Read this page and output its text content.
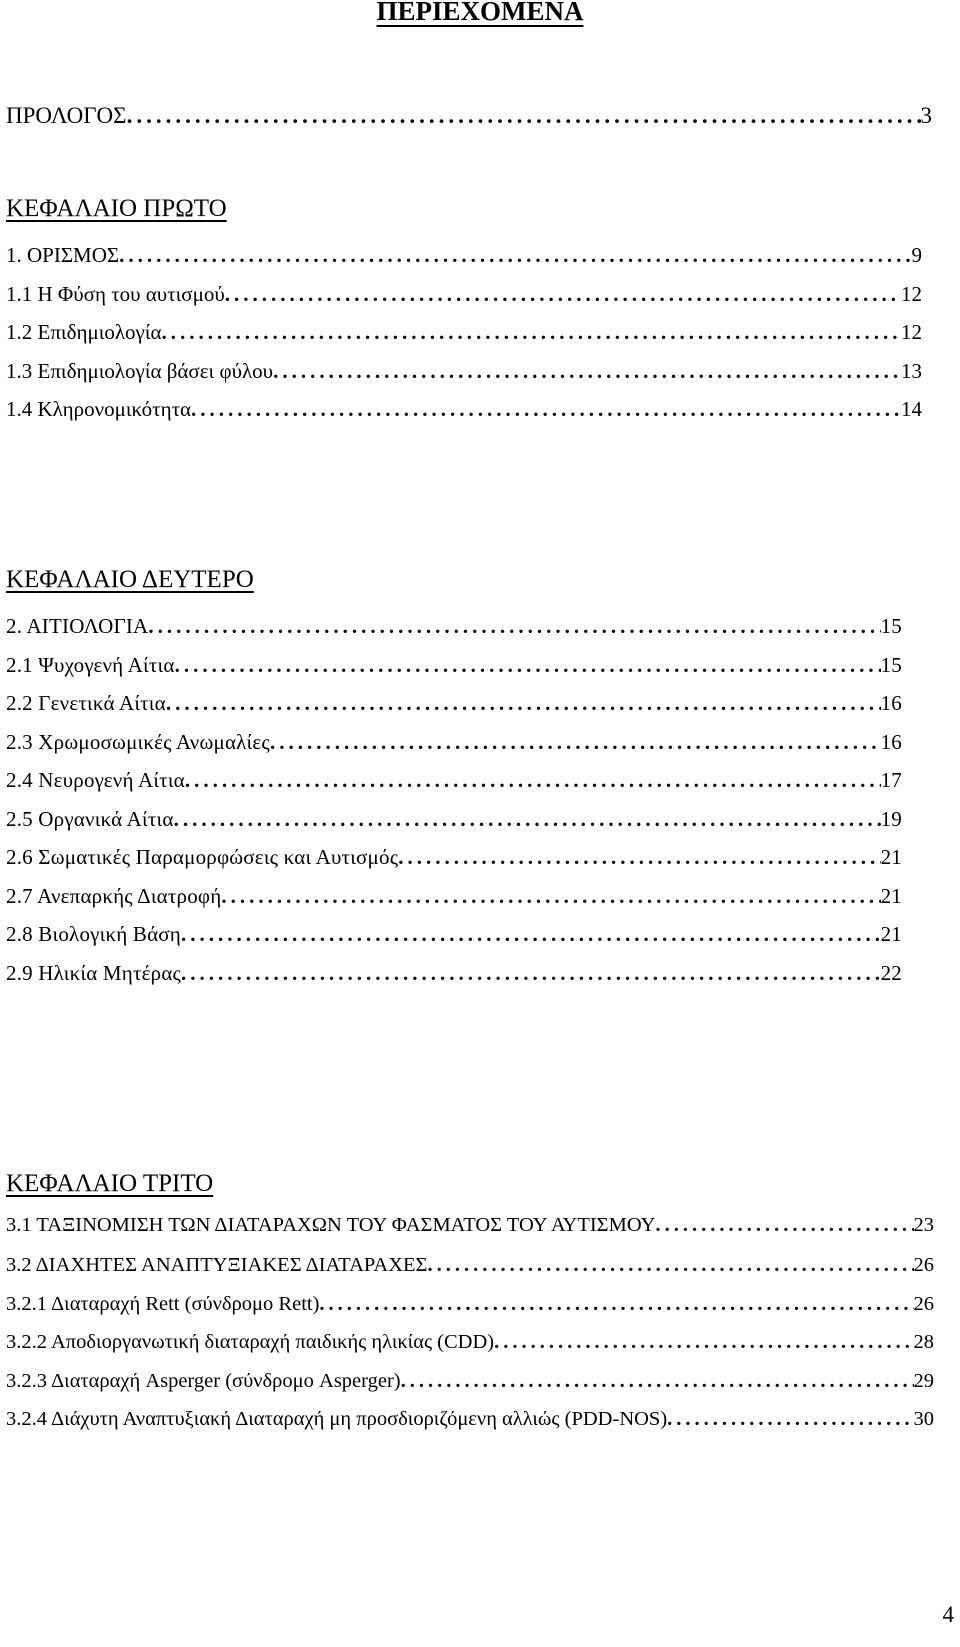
ΠΕΡΙΕΧΟΜΕΝΑ
ΠΡΟΛΟΓΟΣ .....	3
ΚΕΦΑΛΑΙΟ ΠΡΩΤΟ
1. ΟΡΙΣΜΟΣ .....	9
1.1 Η Φύση του αυτισμού .....	12
1.2 Επιδημιολογία .....	12
1.3 Επιδημιολογία βάσει φύλου .....	13
1.4 Κληρονομικότητα .....	14
ΚΕΦΑΛΑΙΟ ΔΕΥΤΕΡΟ
2. ΑΙΤΙΟΛΟΓΙΑ .....	15
2.1 Ψυχογενή Αίτια .....	15
2.2 Γενετικά Αίτια .....	16
2.3 Χρωμοσωμικές Ανωμαλίες .....	16
2.4 Νευρογενή Αίτια .....	17
2.5 Οργανικά Αίτια .....	19
2.6 Σωματικές Παραμορφώσεις και Αυτισμός .....	21
2.7 Ανεπαρκής Διατροφή .....	21
2.8 Βιολογική Βάση .....	21
2.9 Ηλικία Μητέρας .....	22
ΚΕΦΑΛΑΙΟ ΤΡΙΤΟ
3.1 ΤΑΞΙΝΟΜΙΣΗ ΤΩΝ ΔΙΑΤΑΡΑΧΩΝ ΤΟΥ ΦΑΣΜΑΤΟΣ ΤΟΥ ΑΥΤΙΣΜΟΥ .....	23
3.2 ΔΙΑΧΗΤΕΣ ΑΝΑΠΤΥΞΙΑΚΕΣ ΔΙΑΤΑΡΑΧΕΣ .....	26
3.2.1 Διαταραχή Rett (σύνδρομο Rett) .....	26
3.2.2 Αποδιοργανωτική διαταραχή παιδικής ηλικίας (CDD) .....	28
3.2.3 Διαταραχή Asperger (σύνδρομο Asperger) .....	29
3.2.4 Διάχυτη Αναπτυξιακή Διαταραχή μη προσδιοριζόμενη αλλιώς (PDD-NOS) .....	30
4
